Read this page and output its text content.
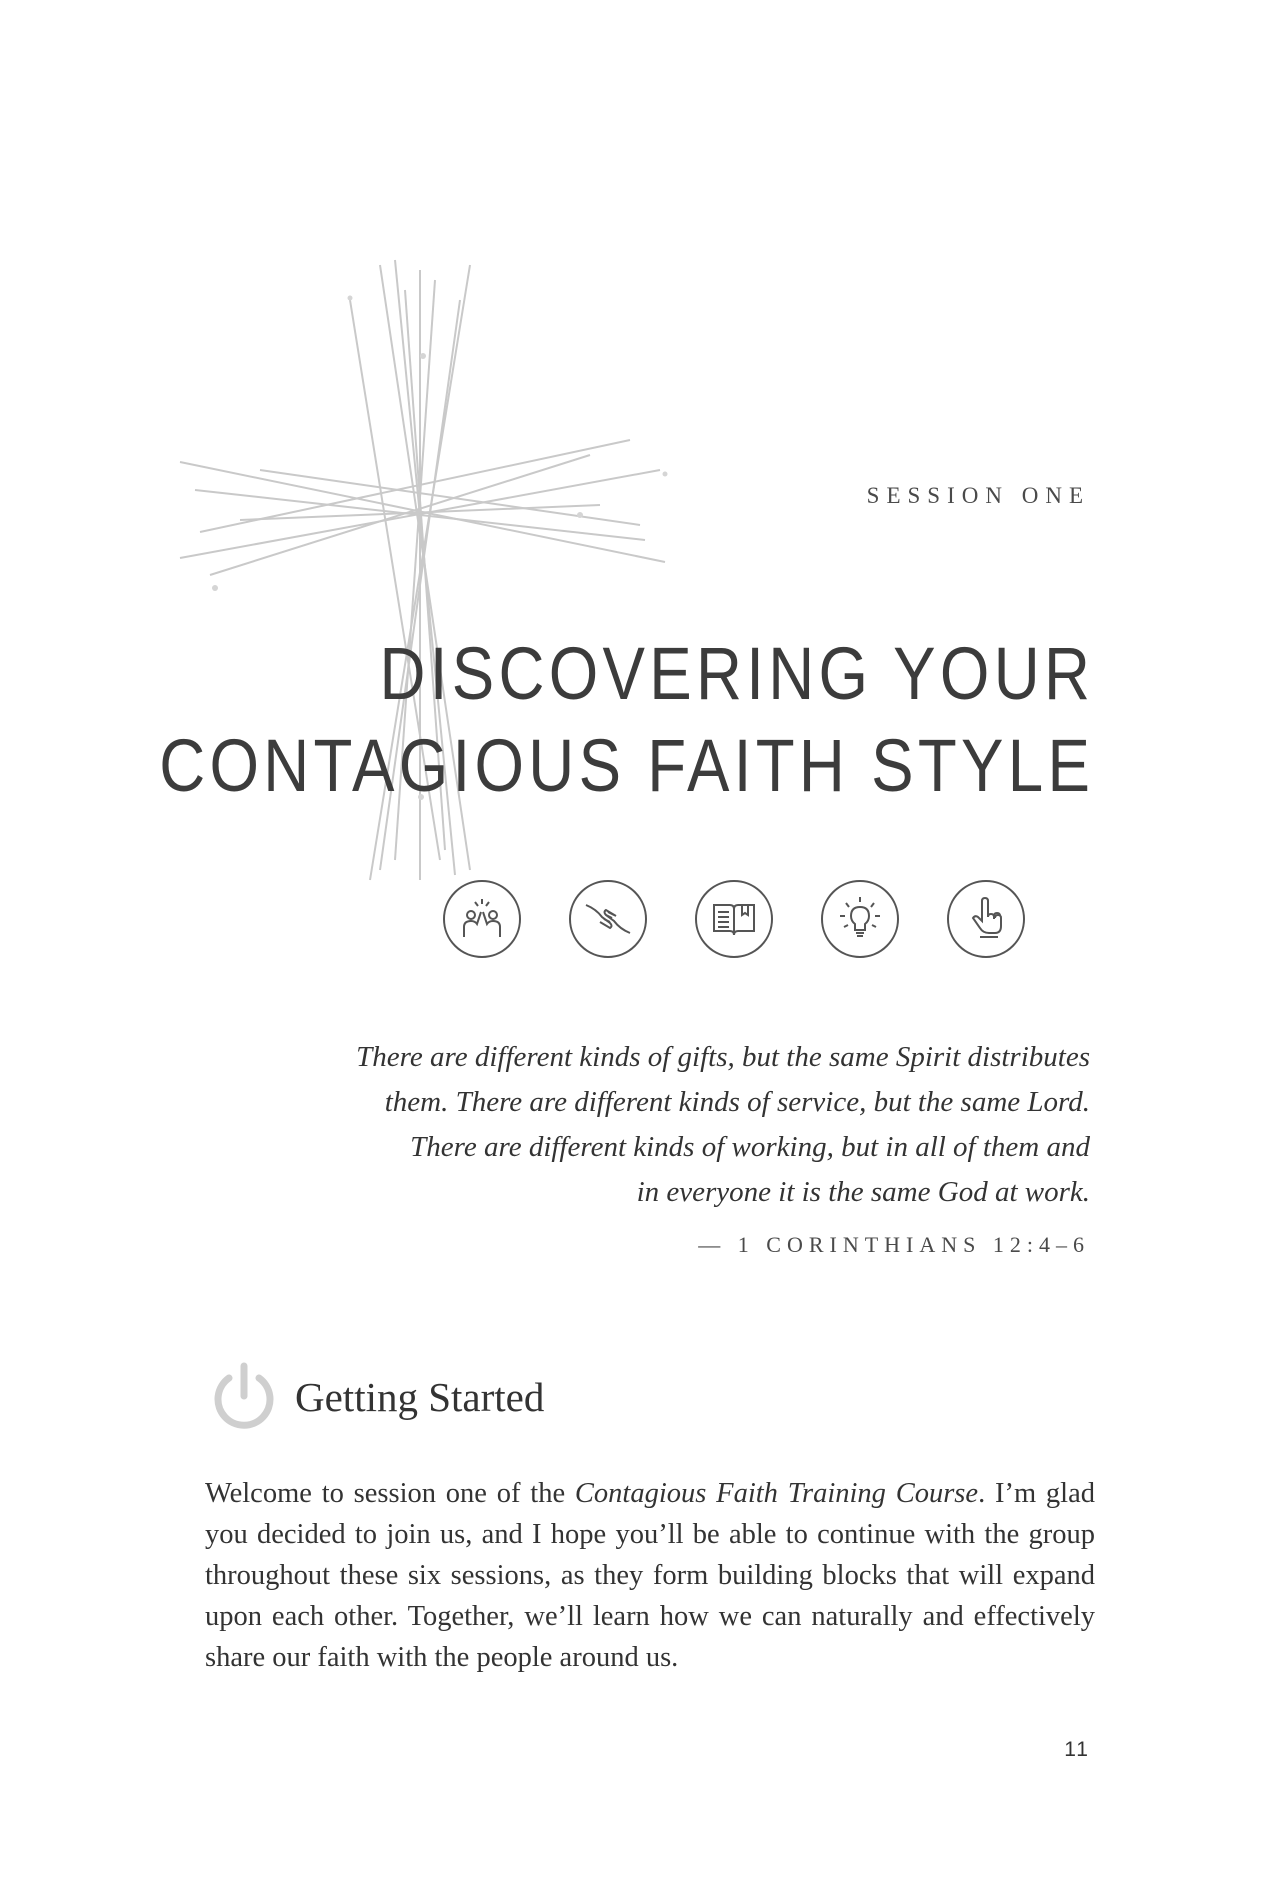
SESSION ONE
DISCOVERING YOUR
CONTAGIOUS FAITH STYLE
There are different kinds of gifts, but the same Spirit distributes
them. There are different kinds of service, but the same Lord.
There are different kinds of working, but in all of them and
in everyone it is the same God at work.
— 1 CORINTHIANS 12:4–6
Getting Started
Welcome to session one of the Contagious Faith Training Course. I’m glad you decided to join us, and I hope you’ll be able to continue with the group throughout these six sessions, as they form building blocks that will expand upon each other. Together, we’ll learn how we can naturally and effectively share our faith with the people around us.
11
